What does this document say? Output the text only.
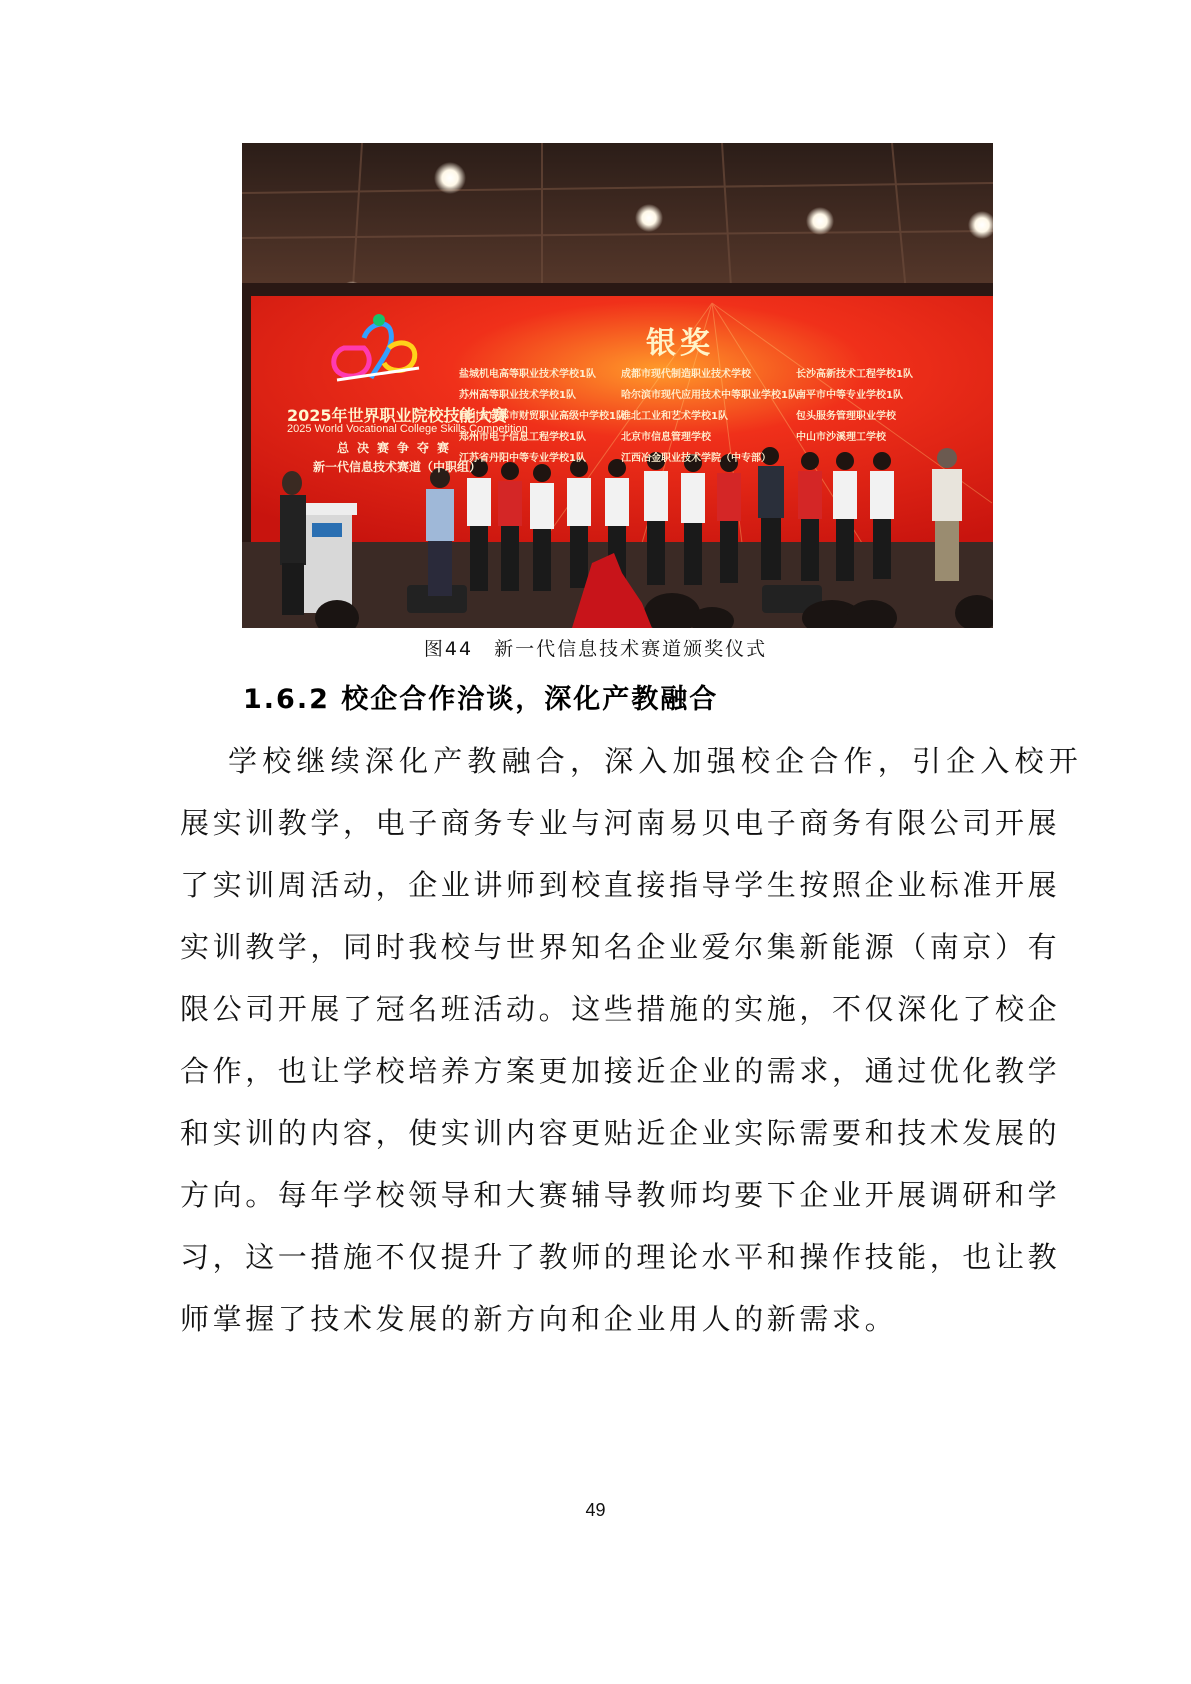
2025年世界职业院校技能大赛
2025 World Vocational College Skills Competition
总决赛争夺赛
新一代信息技术赛道（中职组）
银奖
盐城机电高等职业技术学校1队
苏州高等职业技术学校1队
四川省成都市财贸职业高级中学校1队
郑州市电子信息工程学校1队
江苏省丹阳中等专业学校1队
成都市现代制造职业技术学校
哈尔滨市现代应用技术中等职业学校1队
淮北工业和艺术学校1队
北京市信息管理学校
江西冶金职业技术学院（中专部）
长沙高新技术工程学校1队
南平市中等专业学校1队
包头服务管理职业学校
中山市沙溪理工学校
图44　新一代信息技术赛道颁奖仪式
1.6.2 校企合作洽谈，深化产教融合
学校继续深化产教融合，深入加强校企合作，引企入校开
展实训教学，电子商务专业与河南易贝电子商务有限公司开展
了实训周活动，企业讲师到校直接指导学生按照企业标准开展
实训教学，同时我校与世界知名企业爱尔集新能源（南京）有
限公司开展了冠名班活动。这些措施的实施，不仅深化了校企
合作，也让学校培养方案更加接近企业的需求，通过优化教学
和实训的内容，使实训内容更贴近企业实际需要和技术发展的
方向。每年学校领导和大赛辅导教师均要下企业开展调研和学
习，这一措施不仅提升了教师的理论水平和操作技能，也让教
师掌握了技术发展的新方向和企业用人的新需求。
49
